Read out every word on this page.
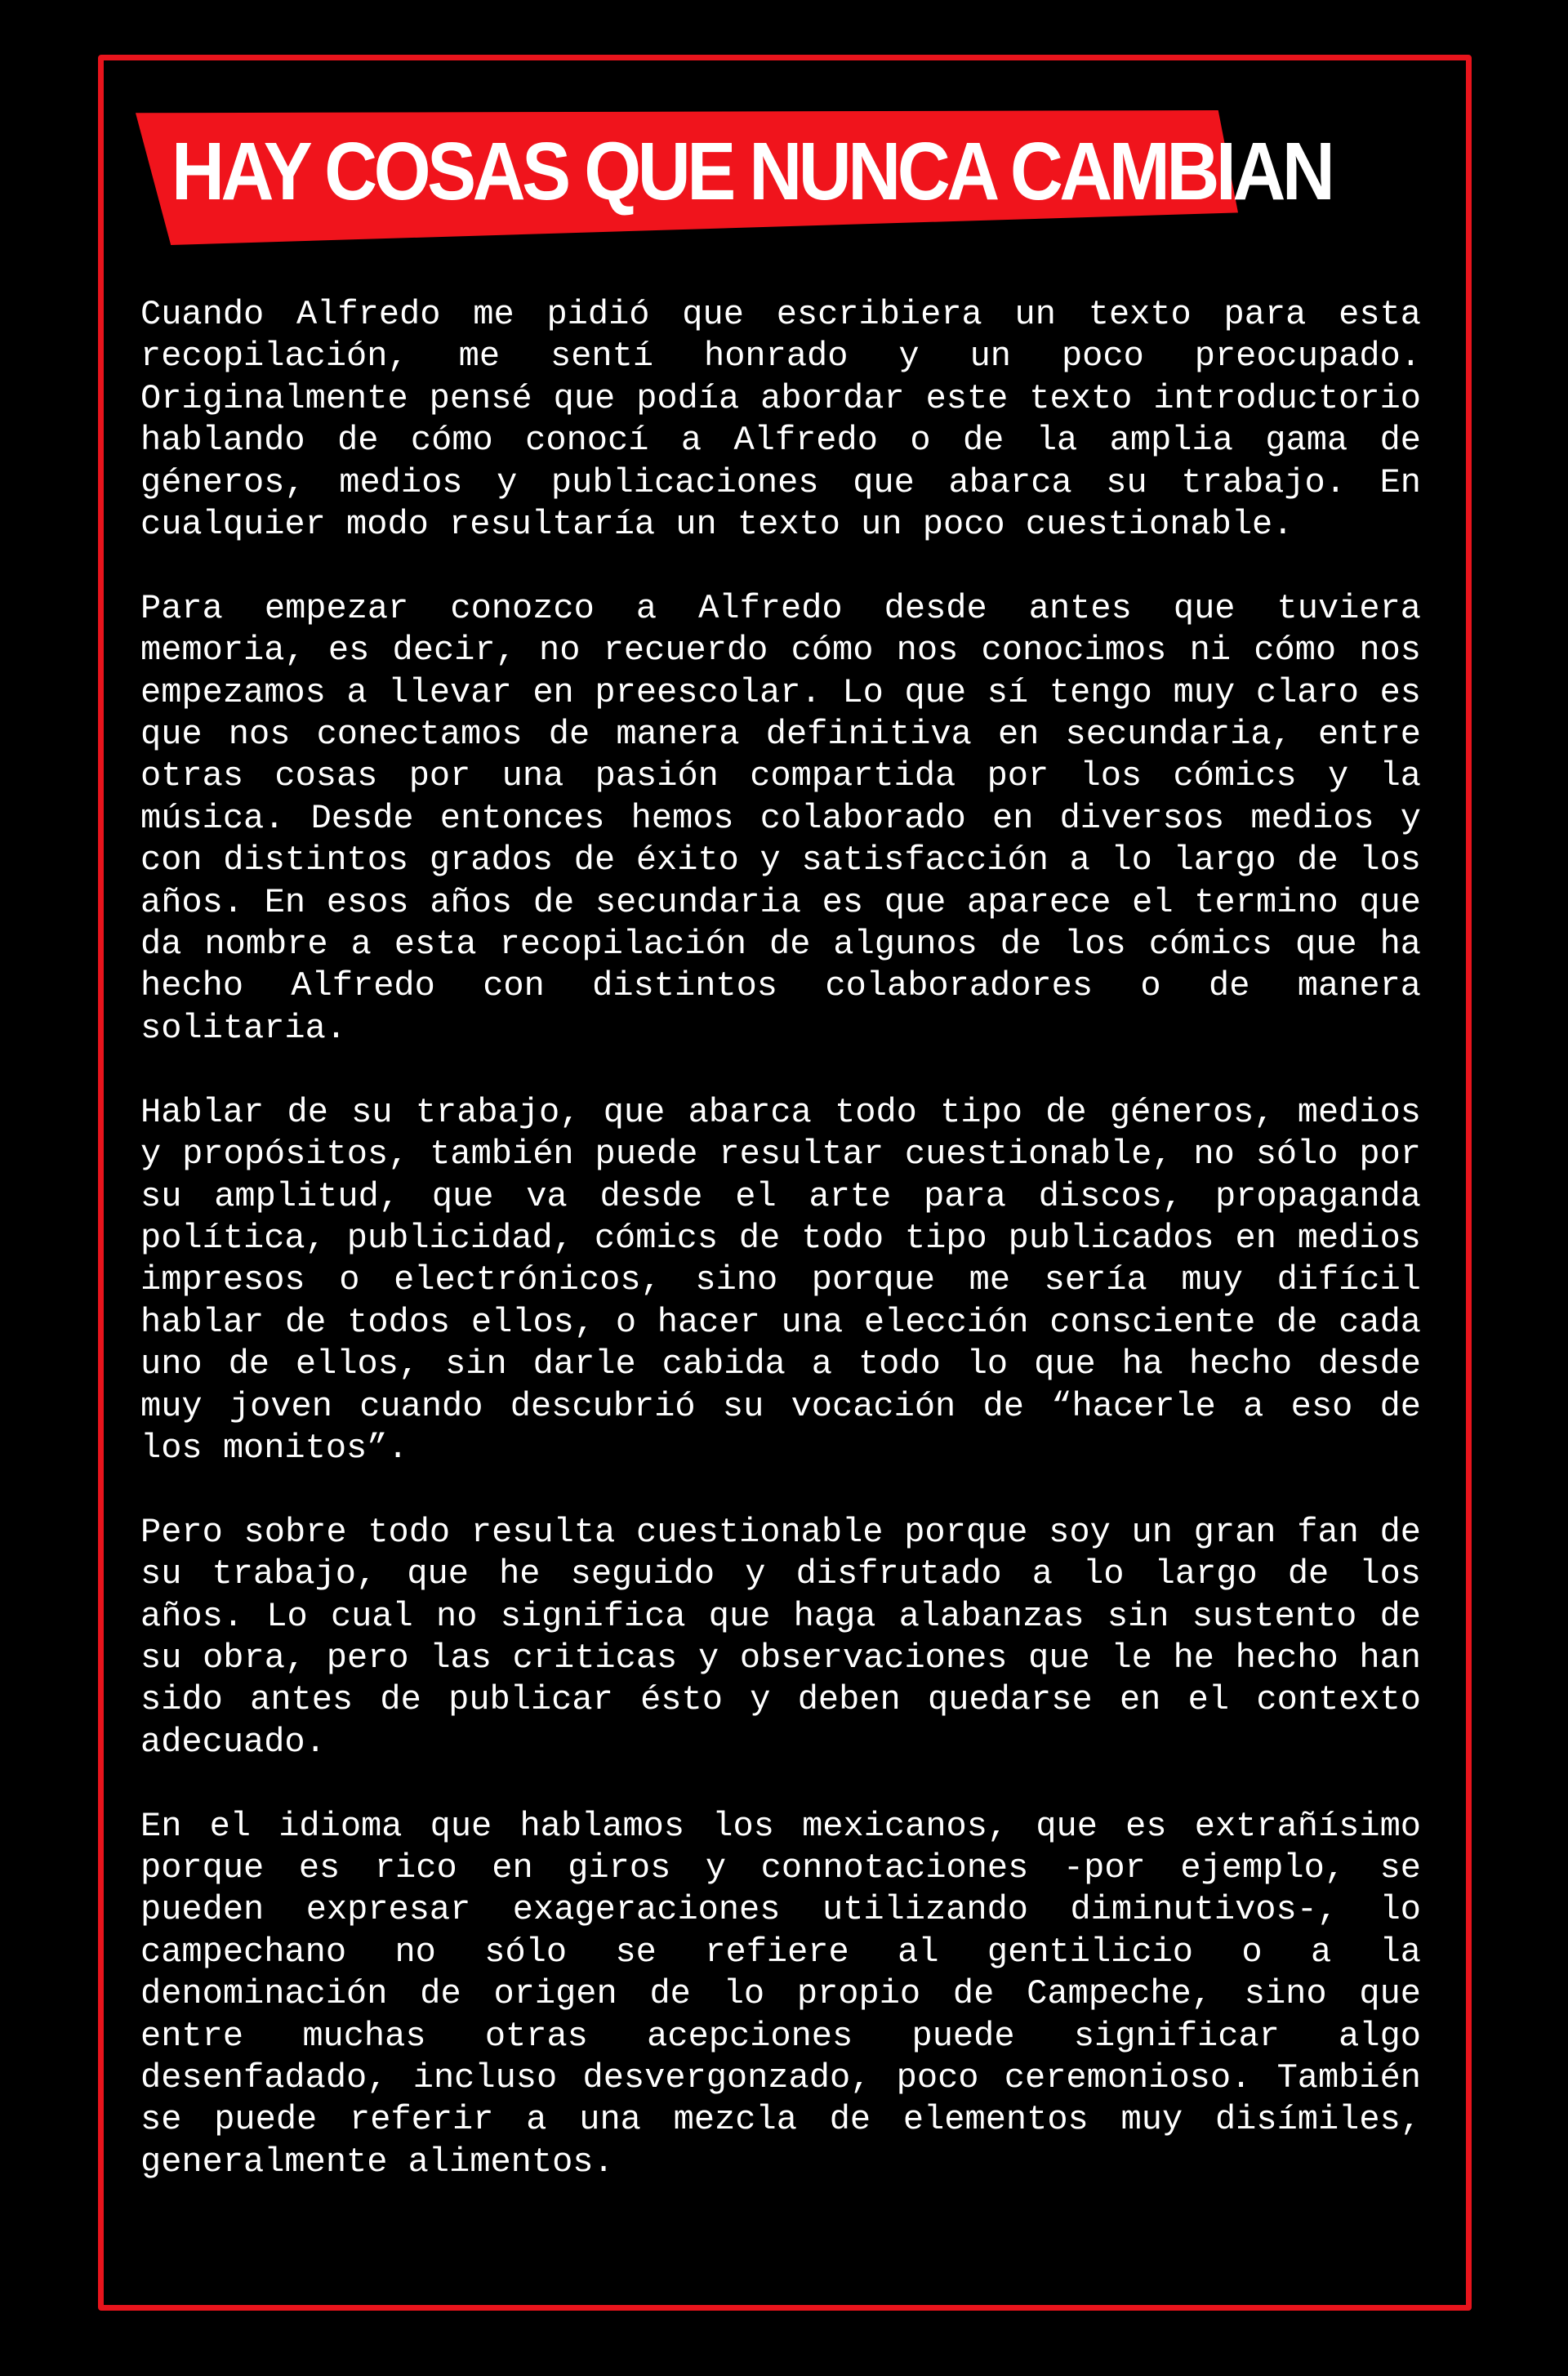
HAY COSAS QUE NUNCA CAMBIAN

Cuando Alfredo me pidió que escribiera un texto para esta recopilación, me sentí honrado y un poco preocupado. Originalmente pensé que podía abordar este texto introductorio hablando de cómo conocí a Alfredo o de la amplia gama de géneros, medios y publicaciones que abarca su trabajo. En cualquier modo resultaría un texto un poco cuestionable.

Para empezar conozco a Alfredo desde antes que tuviera memoria, es decir, no recuerdo cómo nos conocimos ni cómo nos empezamos a llevar en preescolar. Lo que sí tengo muy claro es que nos conectamos de manera definitiva en secundaria, entre otras cosas por una pasión compartida por los cómics y la música. Desde entonces hemos colaborado en diversos medios y con distintos grados de éxito y satisfacción a lo largo de los años. En esos años de secundaria es que aparece el termino que da nombre a esta recopilación de algunos de los cómics que ha hecho Alfredo con distintos colaboradores o de manera solitaria.

Hablar de su trabajo, que abarca todo tipo de géneros, medios y propósitos, también puede resultar cuestionable, no sólo por su amplitud, que va desde el arte para discos, propaganda política, publicidad, cómics de todo tipo publicados en medios impresos o electrónicos, sino porque me sería muy difícil hablar de todos ellos, o hacer una elección consciente de cada uno de ellos, sin darle cabida a todo lo que ha hecho desde muy joven cuando descubrió su vocación de “hacerle a eso de los monitos”.

Pero sobre todo resulta cuestionable porque soy un gran fan de su trabajo, que he seguido y disfrutado a lo largo de los años. Lo cual no significa que haga alabanzas sin sustento de su obra, pero las criticas y observaciones que le he hecho han sido antes de publicar ésto y deben quedarse en el contexto adecuado.

En el idioma que hablamos los mexicanos, que es extrañísimo porque es rico en giros y connotaciones -por ejemplo, se pueden expresar exageraciones utilizando diminutivos-, lo campechano no sólo se refiere al gentilicio o a la denominación de origen de lo propio de Campeche, sino que entre muchas otras acepciones puede significar algo desenfadado, incluso desvergonzado, poco ceremonioso. También se puede referir a una mezcla de elementos muy disímiles, generalmente alimentos.
